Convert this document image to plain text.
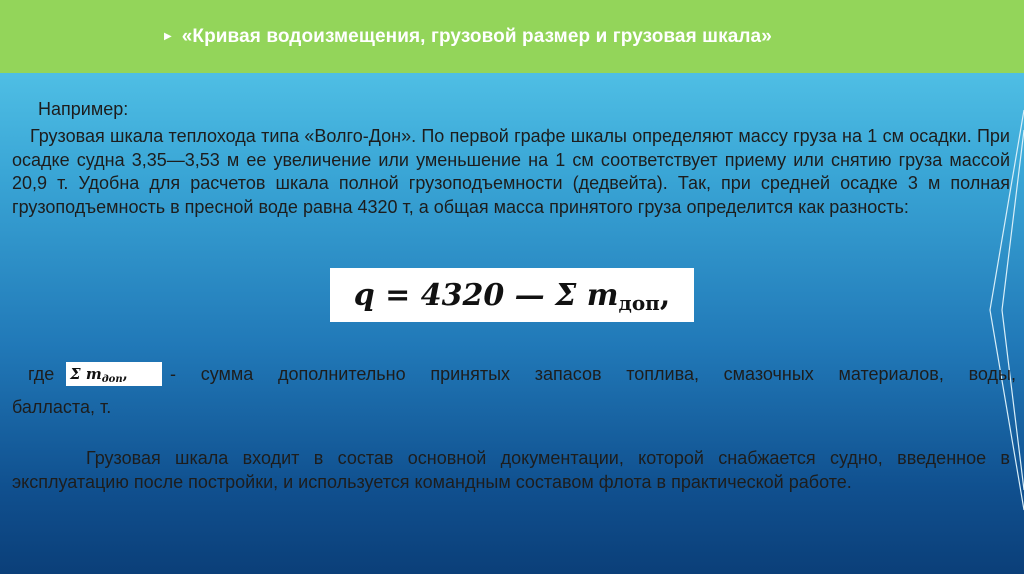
▶ «Кривая водоизмещения, грузовой размер и грузовая шкала»

Например:

Грузовая шкала теплохода типа «Волго-Дон». По первой графе шкалы определяют массу груза на 1 см осадки. При осадке судна 3,35—3,53 м ее увеличение или уменьшение на 1 см соответствует приему или снятию груза массой 20,9 т. Удобна для расчетов шкала полной грузоподъемности (дедвейта). Так, при средней осадке 3 м полная грузоподъемность в пресной воде равна 4320 т, а общая масса принятого груза определится как разность:

q = 4320 — Σ m $_{доп}$ ,
где Σ m $_{доп}$ , - сумма дополнительно принятых запасов топлива, смазочных материалов, воды,

балласта, т.

Грузовая шкала входит в состав основной документации, которой снабжается судно, введенное в эксплуатацию после постройки, и используется командным составом флота в практической работе.
